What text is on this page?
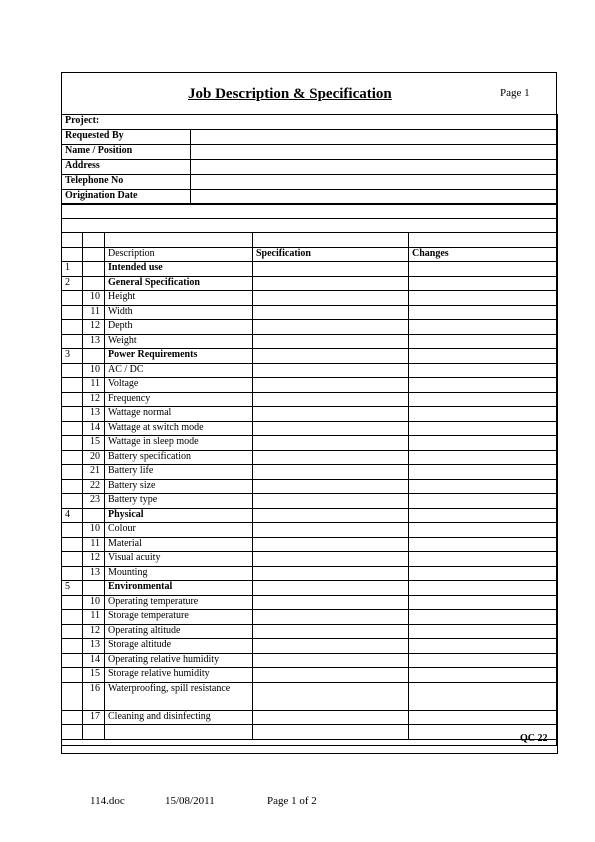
Job Description & Specification	Page 1
Project:	
Requested By	
Name / Position	
Address	
Telephone No	
Origination Date	

		Description	Specification	Changes
1		Intended use		
2		General Specification		
	10	Height		
	11	Width		
	12	Depth		
	13	Weight		
3		Power Requirements		
	10	AC / DC		
	11	Voltage		
	12	Frequency		
	13	Wattage normal		
	14	Wattage at switch mode		
	15	Wattage in sleep mode		
	20	Battery specification		
	21	Battery life		
	22	Battery size		
	23	Battery type		
4		Physical		
	10	Colour		
	11	Material		
	12	Visual acuity		
	13	Mounting		
5		Environmental		
	10	Operating temperature		
	11	Storage temperature		
	12	Operating altitude		
	13	Storage altitude		
	14	Operating relative humidity		
	15	Storage relative humidity		
	16	Waterproofing, spill resistance		
	17	Cleaning and disinfecting		

QC 22
114.doc	15/08/2011	Page 1 of 2
